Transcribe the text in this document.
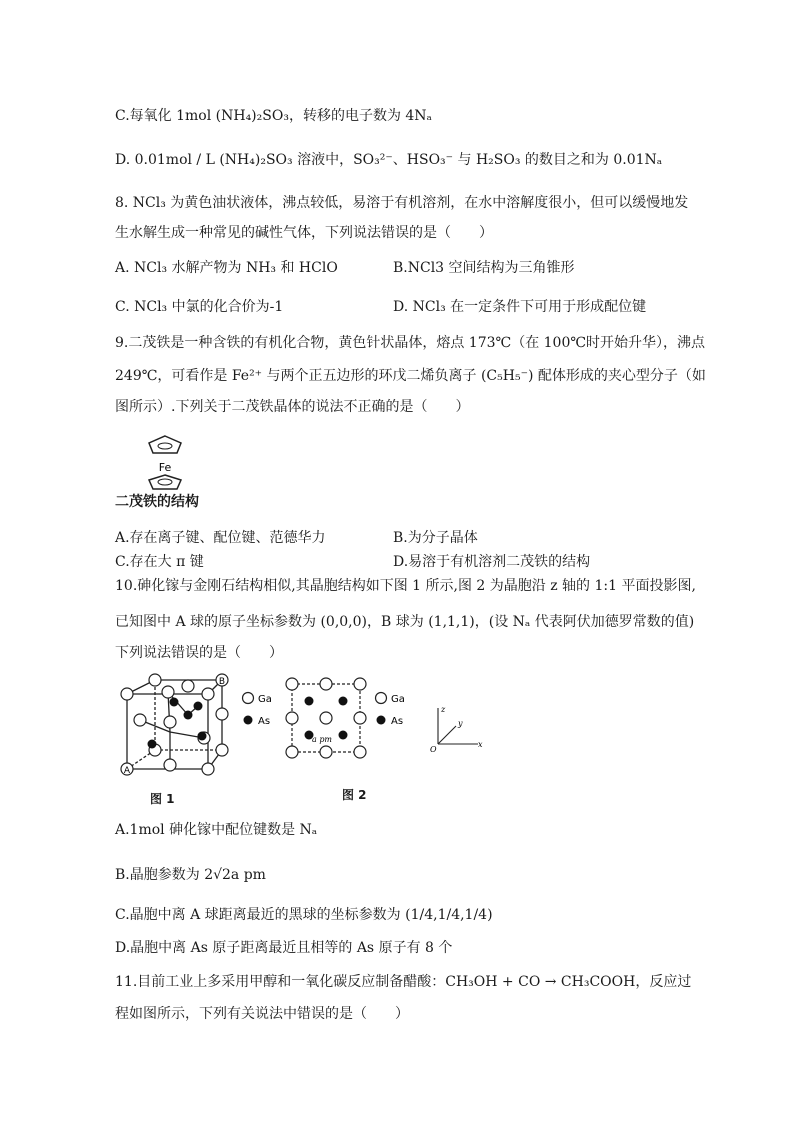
C.每氧化 1mol (NH₄)₂SO₃，转移的电子数为 4Nₐ
D. 0.01mol / L (NH₄)₂SO₃ 溶液中，SO₃²⁻、HSO₃⁻ 与 H₂SO₃ 的数目之和为 0.01Nₐ
8. NCl₃ 为黄色油状液体，沸点较低，易溶于有机溶剂，在水中溶解度很小，但可以缓慢地发
生水解生成一种常见的碱性气体，下列说法错误的是（　　）
A. NCl₃ 水解产物为 NH₃ 和 HClO	B.NCl3 空间结构为三角锥形
C. NCl₃ 中氯的化合价为-1	D. NCl₃ 在一定条件下可用于形成配位键
9.二茂铁是一种含铁的有机化合物，黄色针状晶体，熔点 173℃（在 100℃时开始升华），沸点
249℃，可看作是 Fe²⁺ 与两个正五边形的环戊二烯负离子 (C₅H₅⁻) 配体形成的夹心型分子（如
图所示）.下列关于二茂铁晶体的说法不正确的是（　　）
Fe
二茂铁的结构
A.存在离子键、配位键、范德华力	B.为分子晶体
C.存在大 π 键	D.易溶于有机溶剂二茂铁的结构
10.砷化镓与金刚石结构相似,其晶胞结构如下图 1 所示,图 2 为晶胞沿 z 轴的 1:1 平面投影图,
已知图中 A 球的原子坐标参数为 (0,0,0)，B 球为 (1,1,1)，(设 Nₐ 代表阿伏加德罗常数的值)
下列说法错误的是（　　）
A
B
Ga
As
a pm
Ga
As
z
x
y
O
图 1	图 2
A.1mol 砷化镓中配位键数是 Nₐ
B.晶胞参数为 2√2a pm
C.晶胞中离 A 球距离最近的黑球的坐标参数为 (1/4,1/4,1/4)
D.晶胞中离 As 原子距离最近且相等的 As 原子有 8 个
11.目前工业上多采用甲醇和一氧化碳反应制备醋酸：CH₃OH + CO → CH₃COOH，反应过
程如图所示，下列有关说法中错误的是（　　）
